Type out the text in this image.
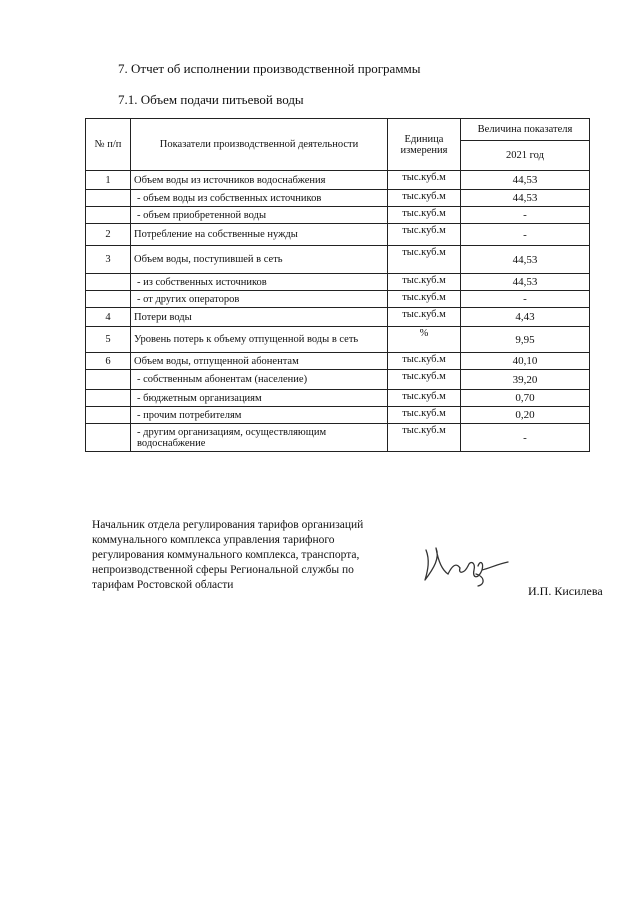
7. Отчет об исполнении производственной программы
7.1. Объем подачи питьевой воды
№ п/п	Показатели производственной деятельности	Единица измерения	Величина показателя
			2021 год
1	Объем воды из источников водоснабжения	тыс.куб.м	44,53
	- объем воды из собственных источников	тыс.куб.м	44,53
	- объем приобретенной воды	тыс.куб.м	-
2	Потребление на собственные нужды	тыс.куб.м	-
3	Объем воды, поступившей в сеть	тыс.куб.м	44,53
	- из собственных источников	тыс.куб.м	44,53
	- от других операторов	тыс.куб.м	-
4	Потери воды	тыс.куб.м	4,43
5	Уровень потерь к объему отпущенной воды в сеть	%	9,95
6	Объем воды, отпущенной абонентам	тыс.куб.м	40,10
	- собственным абонентам (население)	тыс.куб.м	39,20
	- бюджетным организациям	тыс.куб.м	0,70
	- прочим потребителям	тыс.куб.м	0,20
	- другим организациям, осуществляющим водоснабжение	тыс.куб.м	-
Начальник отдела регулирования тарифов организаций
коммунального комплекса управления тарифного
регулирования коммунального комплекса, транспорта,
непроизводственной сферы Региональной службы по
тарифам Ростовской области	И.П. Кисилева
